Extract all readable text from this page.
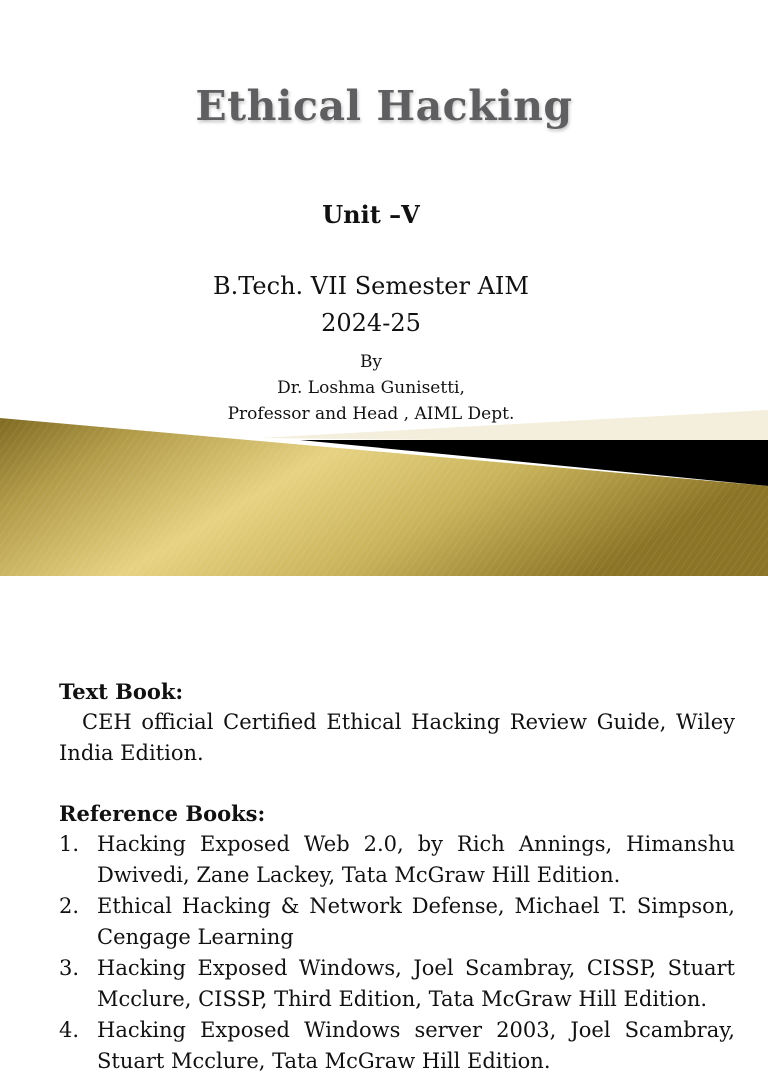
Ethical Hacking
Unit –V
B.Tech. VII Semester AIM
2024-25
By
Dr. Loshma Gunisetti,
Professor and Head , AIML Dept.
Text Book:
CEH official Certified Ethical Hacking Review Guide, Wiley India Edition.
Reference Books:
1. Hacking Exposed Web 2.0, by Rich Annings, Himanshu Dwivedi, Zane Lackey, Tata McGraw Hill Edition.
2. Ethical Hacking & Network Defense, Michael T. Simpson, Cengage Learning
3. Hacking Exposed Windows, Joel Scambray, CISSP, Stuart Mcclure, CISSP, Third Edition, Tata McGraw Hill Edition.
4. Hacking Exposed Windows server 2003, Joel Scambray, Stuart Mcclure, Tata McGraw Hill Edition.
